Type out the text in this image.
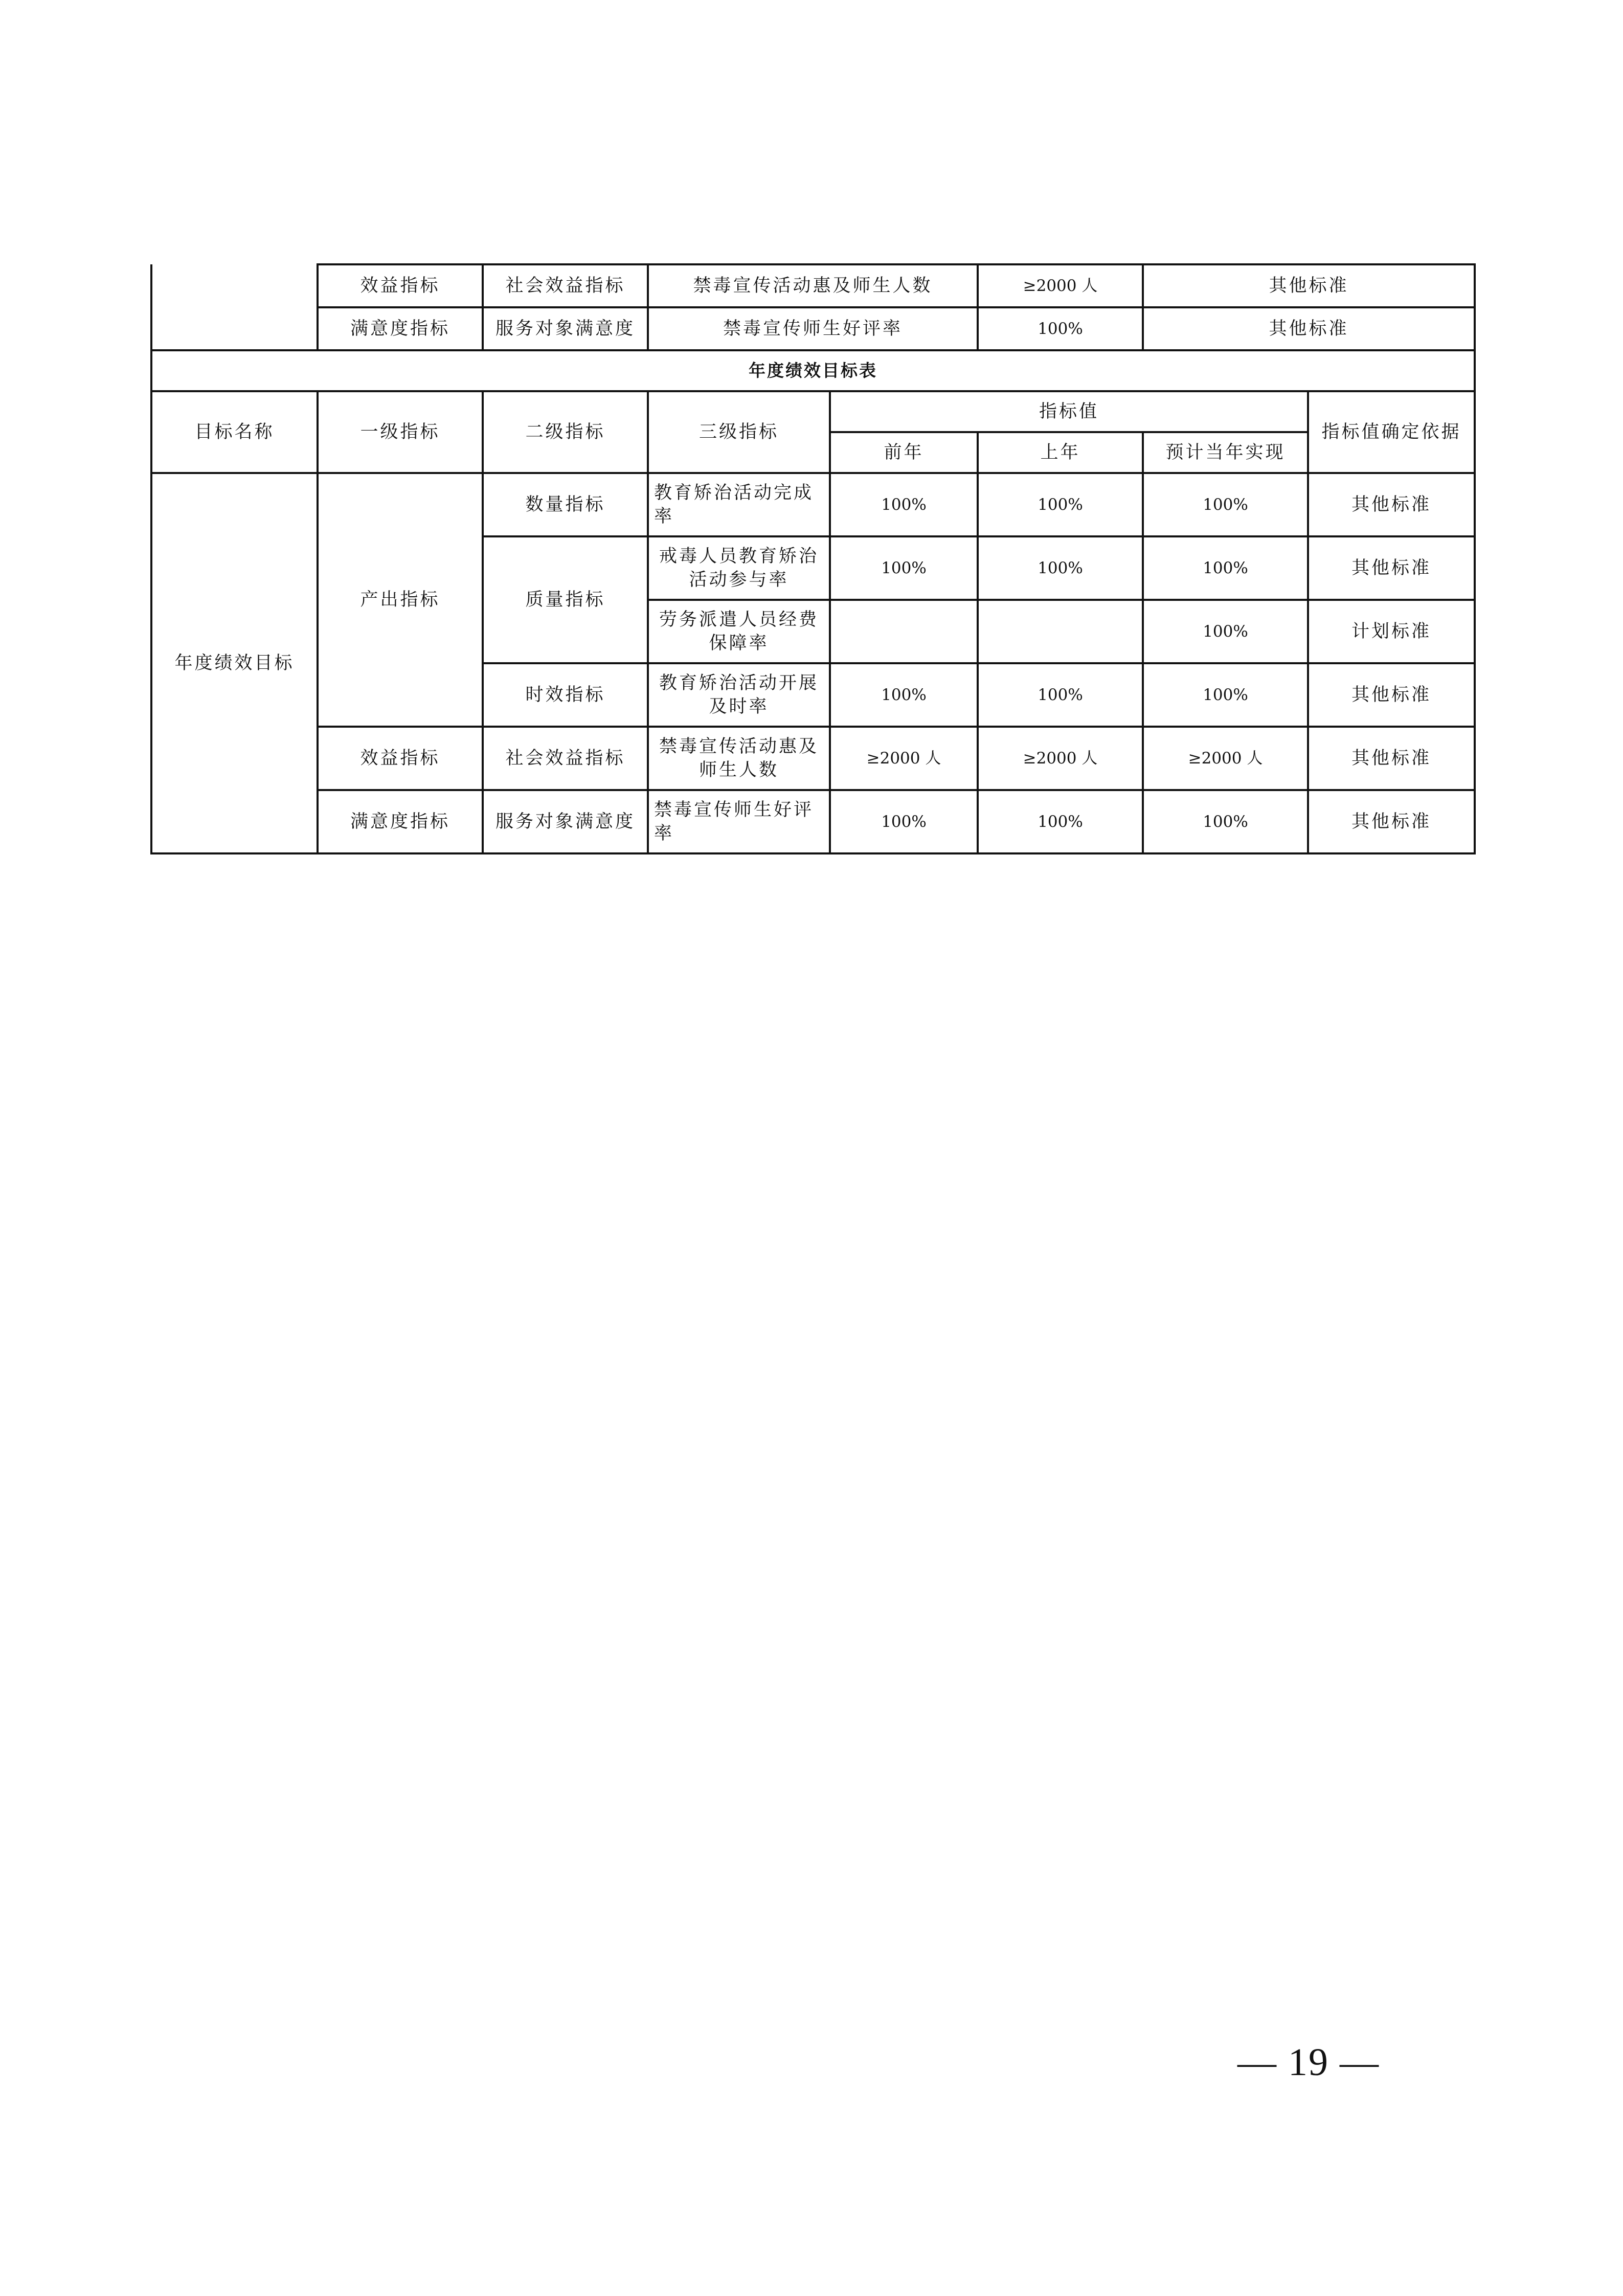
	效益指标	社会效益指标	禁毒宣传活动惠及师生人数		≥2000 人	其他标准	
	满意度指标	服务对象满意度	禁毒宣传师生好评率		100%	其他标准	
年度绩效目标表							
目标名称	一级指标	二级指标	三级指标	指标值			指标值确定依据
				前年	上年	预计当年实现	
年度绩效目标	产出指标	数量指标	教育矫治活动完成率	100%	100%	100%	其他标准
		质量指标	戒毒人员教育矫治活动参与率	100%	100%	100%	其他标准
			劳务派遣人员经费保障率			100%	计划标准
		时效指标	教育矫治活动开展及时率	100%	100%	100%	其他标准
	效益指标	社会效益指标	禁毒宣传活动惠及师生人数	≥2000 人	≥2000 人	≥2000 人	其他标准
	满意度指标	服务对象满意度	禁毒宣传师生好评率	100%	100%	100%	其他标准
— 19 —
